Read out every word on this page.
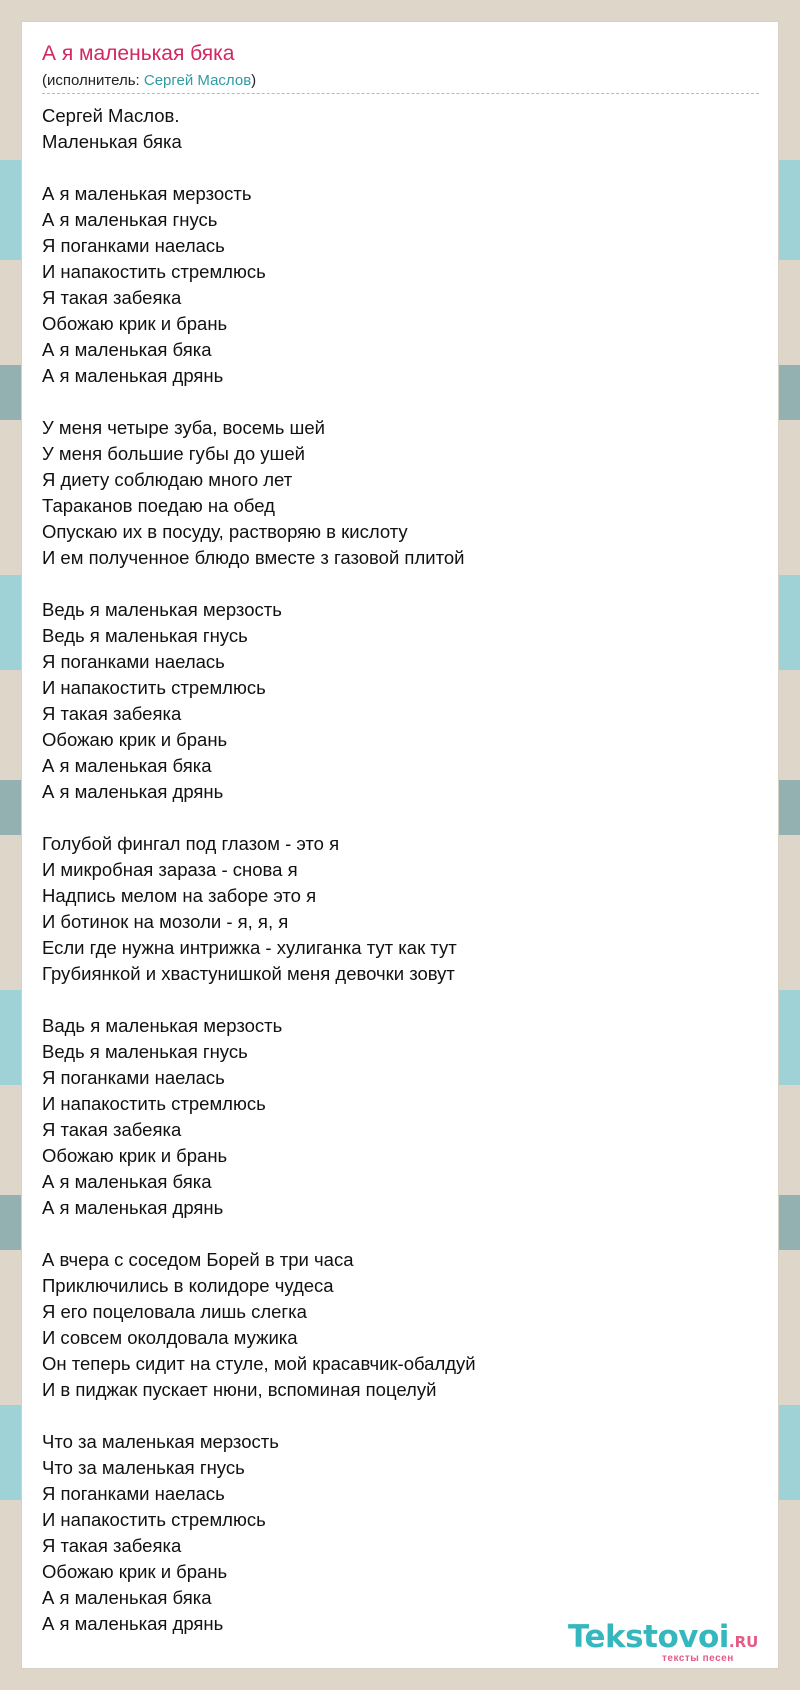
А я маленькая бяка
(исполнитель: Сергей Маслов)
Сергей Маслов.
Маленькая бяка
А я маленькая мерзость
А я маленькая гнусь
Я поганками наелась
И напакостить стремлюсь
Я такая забеяка
Обожаю крик и брань
А я маленькая бяка
А я маленькая дрянь
У меня четыре зуба, восемь шей
У меня большие губы до ушей
Я диету соблюдаю много лет
Тараканов поедаю на обед
Опускаю их в посуду, растворяю в кислоту
И ем полученное блюдо вместе з газовой плитой
Ведь я маленькая мерзость
Ведь я маленькая гнусь
Я поганками наелась
И напакостить стремлюсь
Я такая забеяка
Обожаю крик и брань
А я маленькая бяка
А я маленькая дрянь
Голубой фингал под глазом - это я
И микробная зараза - снова я
Надпись мелом на заборе это я
И ботинок на мозоли - я, я, я
Если где нужна интрижка - хулиганка тут как тут
Грубиянкой и хвастунишкой меня девочки зовут
Вадь я маленькая мерзость
Ведь я маленькая гнусь
Я поганками наелась
И напакостить стремлюсь
Я такая забеяка
Обожаю крик и брань
А я маленькая бяка
А я маленькая дрянь
А вчера с соседом Борей в три часа
Приключились в колидоре чудеса
Я его поцеловала лишь слегка
И совсем околдовала мужика
Он теперь сидит на стуле, мой красавчик-обалдуй
И в пиджак пускает нюни, вспоминая поцелуй
Что за маленькая мерзость
Что за маленькая гнусь
Я поганками наелась
И напакостить стремлюсь
Я такая забеяка
Обожаю крик и брань
А я маленькая бяка
А я маленькая дрянь	Tekstovoi.RU
тексты песен
